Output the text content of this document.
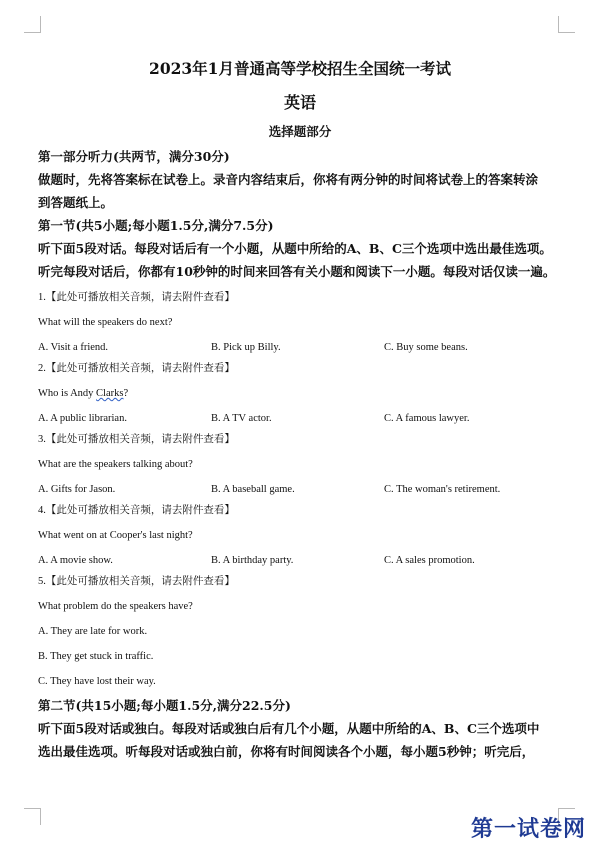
2023年1月普通高等学校招生全国统一考试
英语
选择题部分
第一部分听力(共两节，满分30分)
做题时，先将答案标在试卷上。录音内容结束后，你将有两分钟的时间将试卷上的答案转涂
到答题纸上。
第一节(共5小题;每小题1.5分,满分7.5分)
听下面5段对话。每段对话后有一个小题，从题中所给的A、B、C三个选项中选出最佳选项。
听完每段对话后，你都有10秒钟的时间来回答有关小题和阅读下一小题。每段对话仅读一遍。
1.【此处可播放相关音频，请去附件查看】
What will the speakers do next?
A. Visit a friend.	B. Pick up Billy.	C. Buy some beans.
2.【此处可播放相关音频，请去附件查看】
Who is Andy Clarks?
A. A public librarian.	B. A TV actor.	C. A famous lawyer.
3.【此处可播放相关音频，请去附件查看】
What are the speakers talking about?
A. Gifts for Jason.	B. A baseball game.	C. The woman's retirement.
4.【此处可播放相关音频，请去附件查看】
What went on at Cooper's last night?
A. A movie show.	B. A birthday party.	C. A sales promotion.
5.【此处可播放相关音频，请去附件查看】
What problem do the speakers have?
A. They are late for work.
B. They get stuck in traffic.
C. They have lost their way.
第二节(共15小题;每小题1.5分,满分22.5分)
听下面5段对话或独白。每段对话或独白后有几个小题，从题中所给的A、B、C三个选项中
选出最佳选项。听每段对话或独白前，你将有时间阅读各个小题，每小题5秒钟；听完后，
第一试卷网
